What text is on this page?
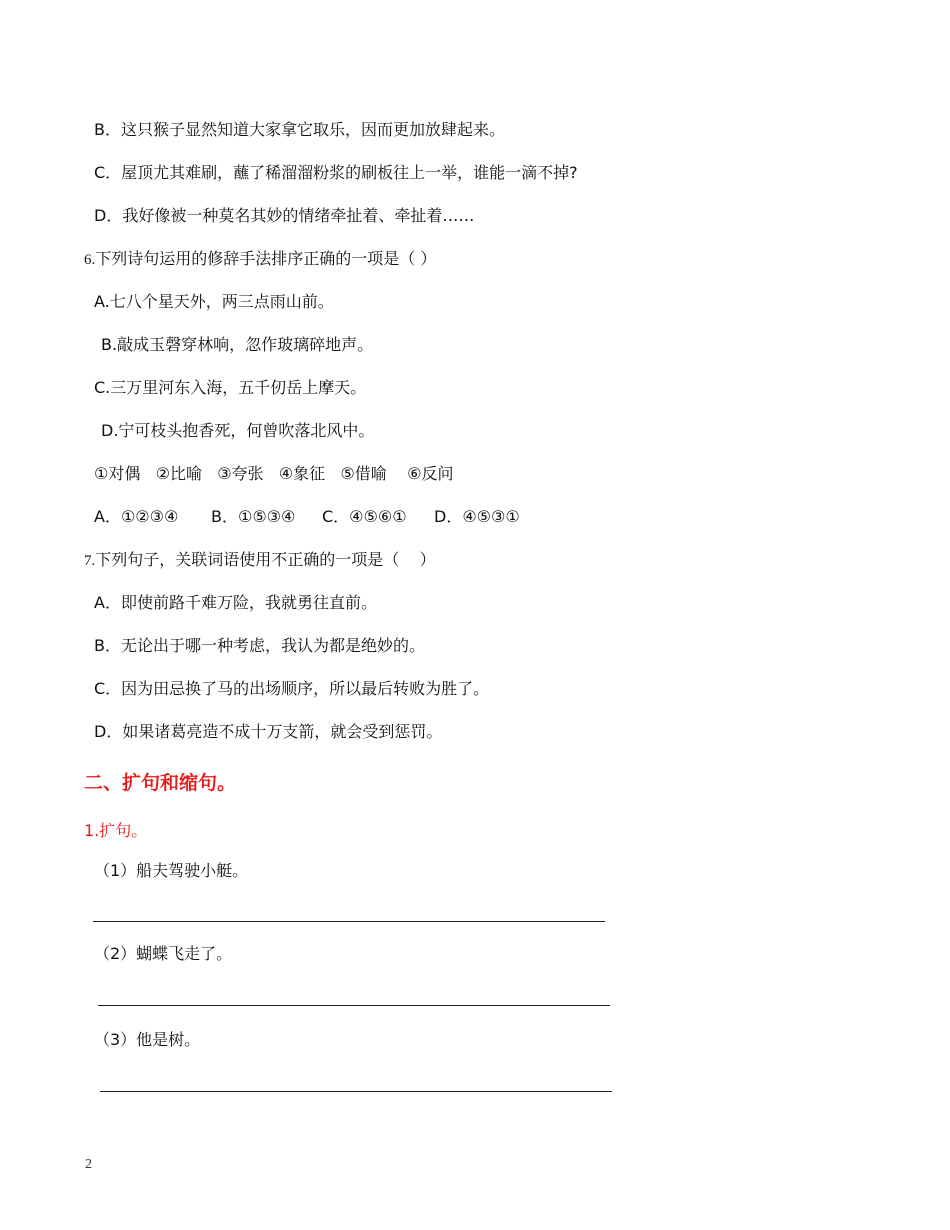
B．这只猴子显然知道大家拿它取乐，因而更加放肆起来。
C．屋顶尤其难刷，蘸了稀溜溜粉浆的刷板往上一举，谁能一滴不掉?
D．我好像被一种莫名其妙的情绪牵扯着、牵扯着……
6.下列诗句运用的修辞手法排序正确的一项是（ ）
A.七八个星天外，两三点雨山前。
B.敲成玉磬穿林响，忽作玻璃碎地声。
C.三万里河东入海，五千仞岳上摩天。
D.宁可枝头抱香死，何曾吹落北风中。
①对偶   ②比喻   ③夸张   ④象征   ⑤借喻    ⑥反问
A．①②③④ B．①⑤③④ C．④⑤⑥① D．④⑤③①
7.下列句子，关联词语使用不正确的一项是（    ）
A．即使前路千难万险，我就勇往直前。
B．无论出于哪一种考虑，我认为都是绝妙的。
C．因为田忌换了马的出场顺序，所以最后转败为胜了。
D．如果诸葛亮造不成十万支箭，就会受到惩罚。
二、扩句和缩句。
1.扩句。
（1）船夫驾驶小艇。
（2）蝴蝶飞走了。
（3）他是树。
2
